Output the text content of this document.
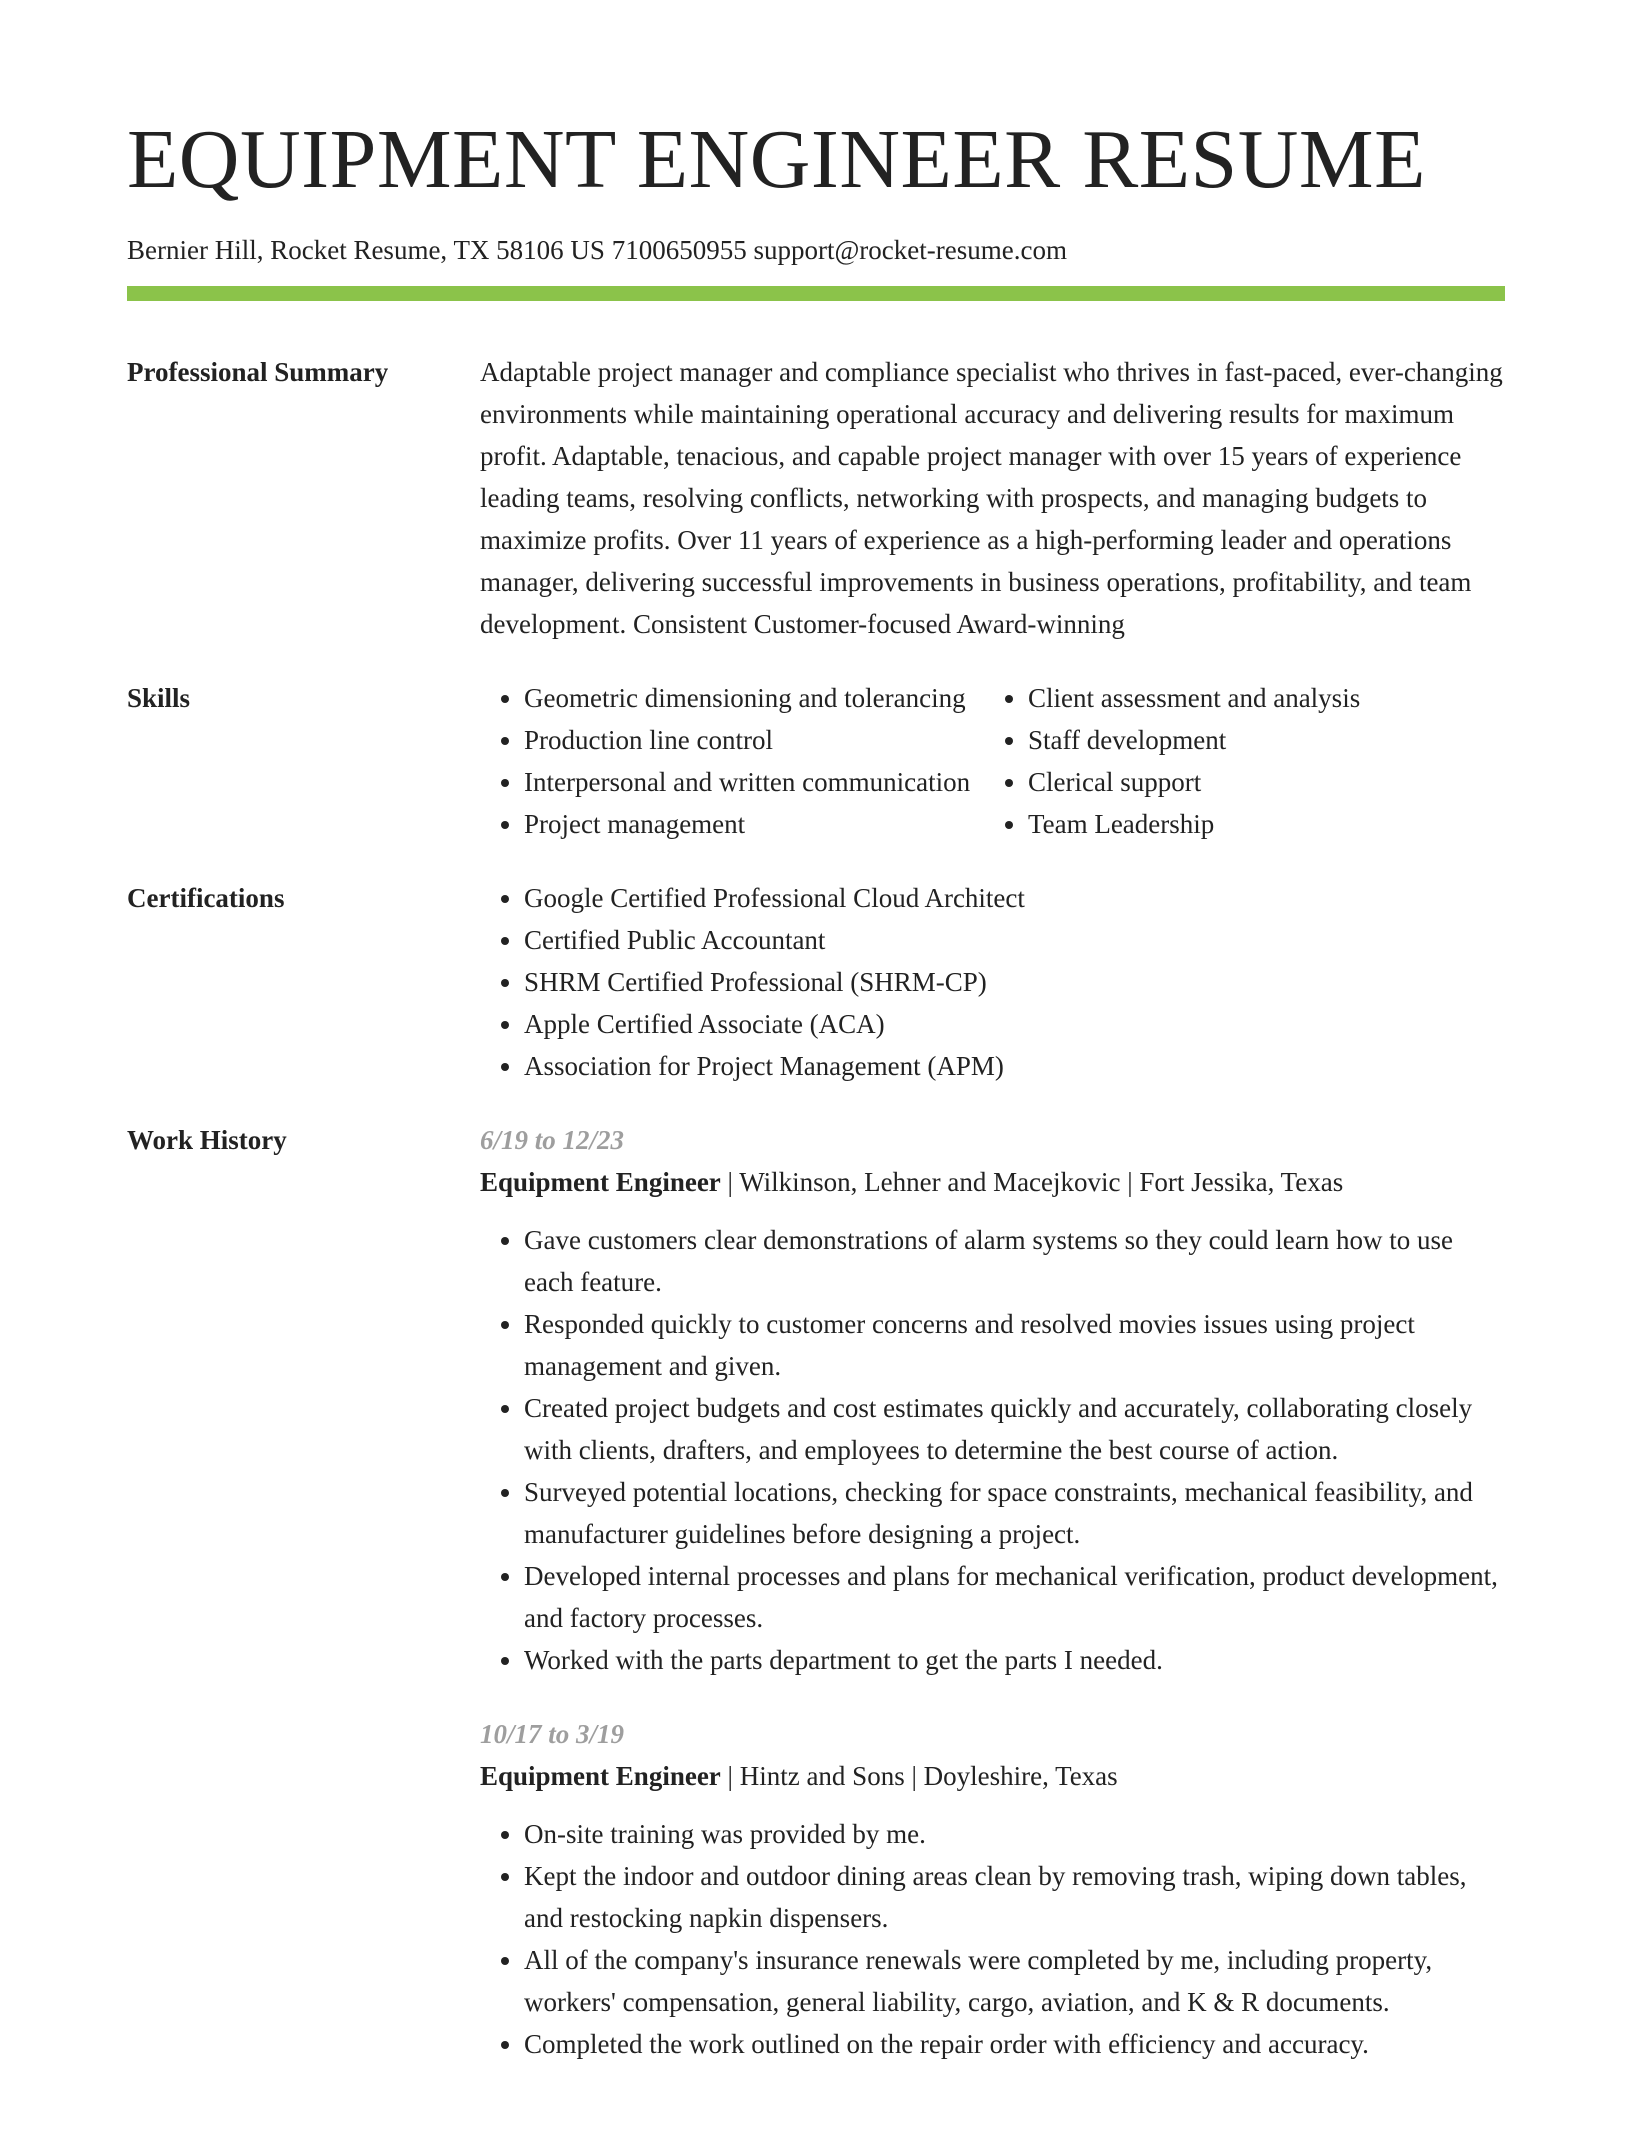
EQUIPMENT ENGINEER RESUME
Bernier Hill, Rocket Resume, TX 58106 US 7100650955 support@rocket-resume.com
Professional Summary	Adaptable project manager and compliance specialist who thrives in fast-paced, ever-changing environments while maintaining operational accuracy and delivering results for maximum profit. Adaptable, tenacious, and capable project manager with over 15 years of experience leading teams, resolving conflicts, networking with prospects, and managing budgets to maximize profits. Over 11 years of experience as a high-performing leader and operations manager, delivering successful improvements in business operations, profitability, and team development. Consistent Customer-focused Award-winning

Skills	• Geometric dimensioning and tolerancing
• Production line control
• Interpersonal and written communication
• Project management
• Client assessment and analysis
• Staff development
• Clerical support
• Team Leadership
Certifications	• Google Certified Professional Cloud Architect
• Certified Public Accountant
• SHRM Certified Professional (SHRM-CP)
• Apple Certified Associate (ACA)
• Association for Project Management (APM)
Work History	6/19 to 12/23
Equipment Engineer | Wilkinson, Lehner and Macejkovic | Fort Jessika, Texas
• Gave customers clear demonstrations of alarm systems so they could learn how to use each feature.
• Responded quickly to customer concerns and resolved movies issues using project management and given.
• Created project budgets and cost estimates quickly and accurately, collaborating closely with clients, drafters, and employees to determine the best course of action.
• Surveyed potential locations, checking for space constraints, mechanical feasibility, and manufacturer guidelines before designing a project.
• Developed internal processes and plans for mechanical verification, product development, and factory processes.
• Worked with the parts department to get the parts I needed.
10/17 to 3/19
Equipment Engineer | Hintz and Sons | Doyleshire, Texas
• On-site training was provided by me.
• Kept the indoor and outdoor dining areas clean by removing trash, wiping down tables, and restocking napkin dispensers.
• All of the company's insurance renewals were completed by me, including property, workers' compensation, general liability, cargo, aviation, and K & R documents.
• Completed the work outlined on the repair order with efficiency and accuracy.
